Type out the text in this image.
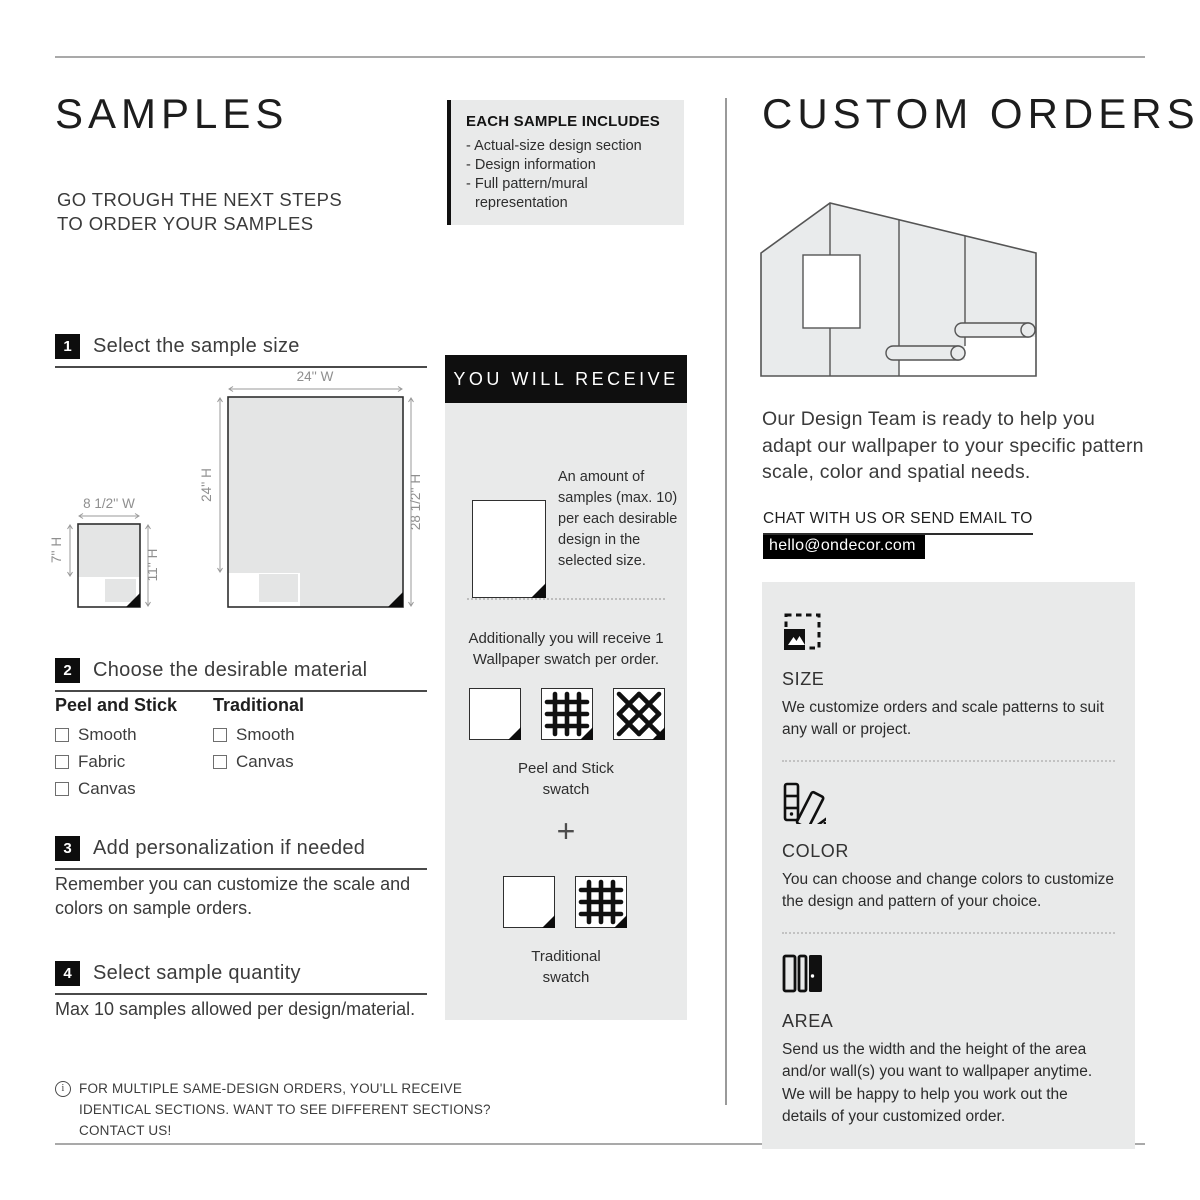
SAMPLES
GO TROUGH THE NEXT STEPS
TO ORDER YOUR SAMPLES
1	Select the sample size
8 1/2'' W
7'' H	11'' H
24'' W
24'' H	28 1/2'' H
2	Choose the desirable material
Peel and Stick
Smooth
Fabric
Canvas
Traditional
Smooth
Canvas
3	Add personalization if needed
Remember you can customize the scale and colors on sample orders.
4	Select sample quantity
Max 10 samples allowed per design/material.
i	FOR MULTIPLE SAME-DESIGN ORDERS, YOU'LL RECEIVE IDENTICAL SECTIONS. WANT TO SEE DIFFERENT SECTIONS? CONTACT US!
EACH SAMPLE INCLUDES
- Actual-size design section
- Design information
- Full pattern/mural representation
YOU WILL RECEIVE
An amount of samples (max. 10) per each desirable design in the selected size.
Additionally you will receive 1 Wallpaper swatch per order.
Peel and Stick
swatch
+
Traditional
swatch
CUSTOM ORDERS
Our Design Team is ready to help you adapt our wallpaper to your specific pattern scale, color and spatial needs.
CHAT WITH US OR SEND EMAIL TO
hello@ondecor.com
SIZE
We customize orders and scale patterns to suit any wall or project.
COLOR
You can choose and change colors to customize the design and pattern of your choice.
AREA
Send us the width and the height of the area and/or wall(s) you want to wallpaper anytime. We will be happy to help you work out the details of your customized order.
